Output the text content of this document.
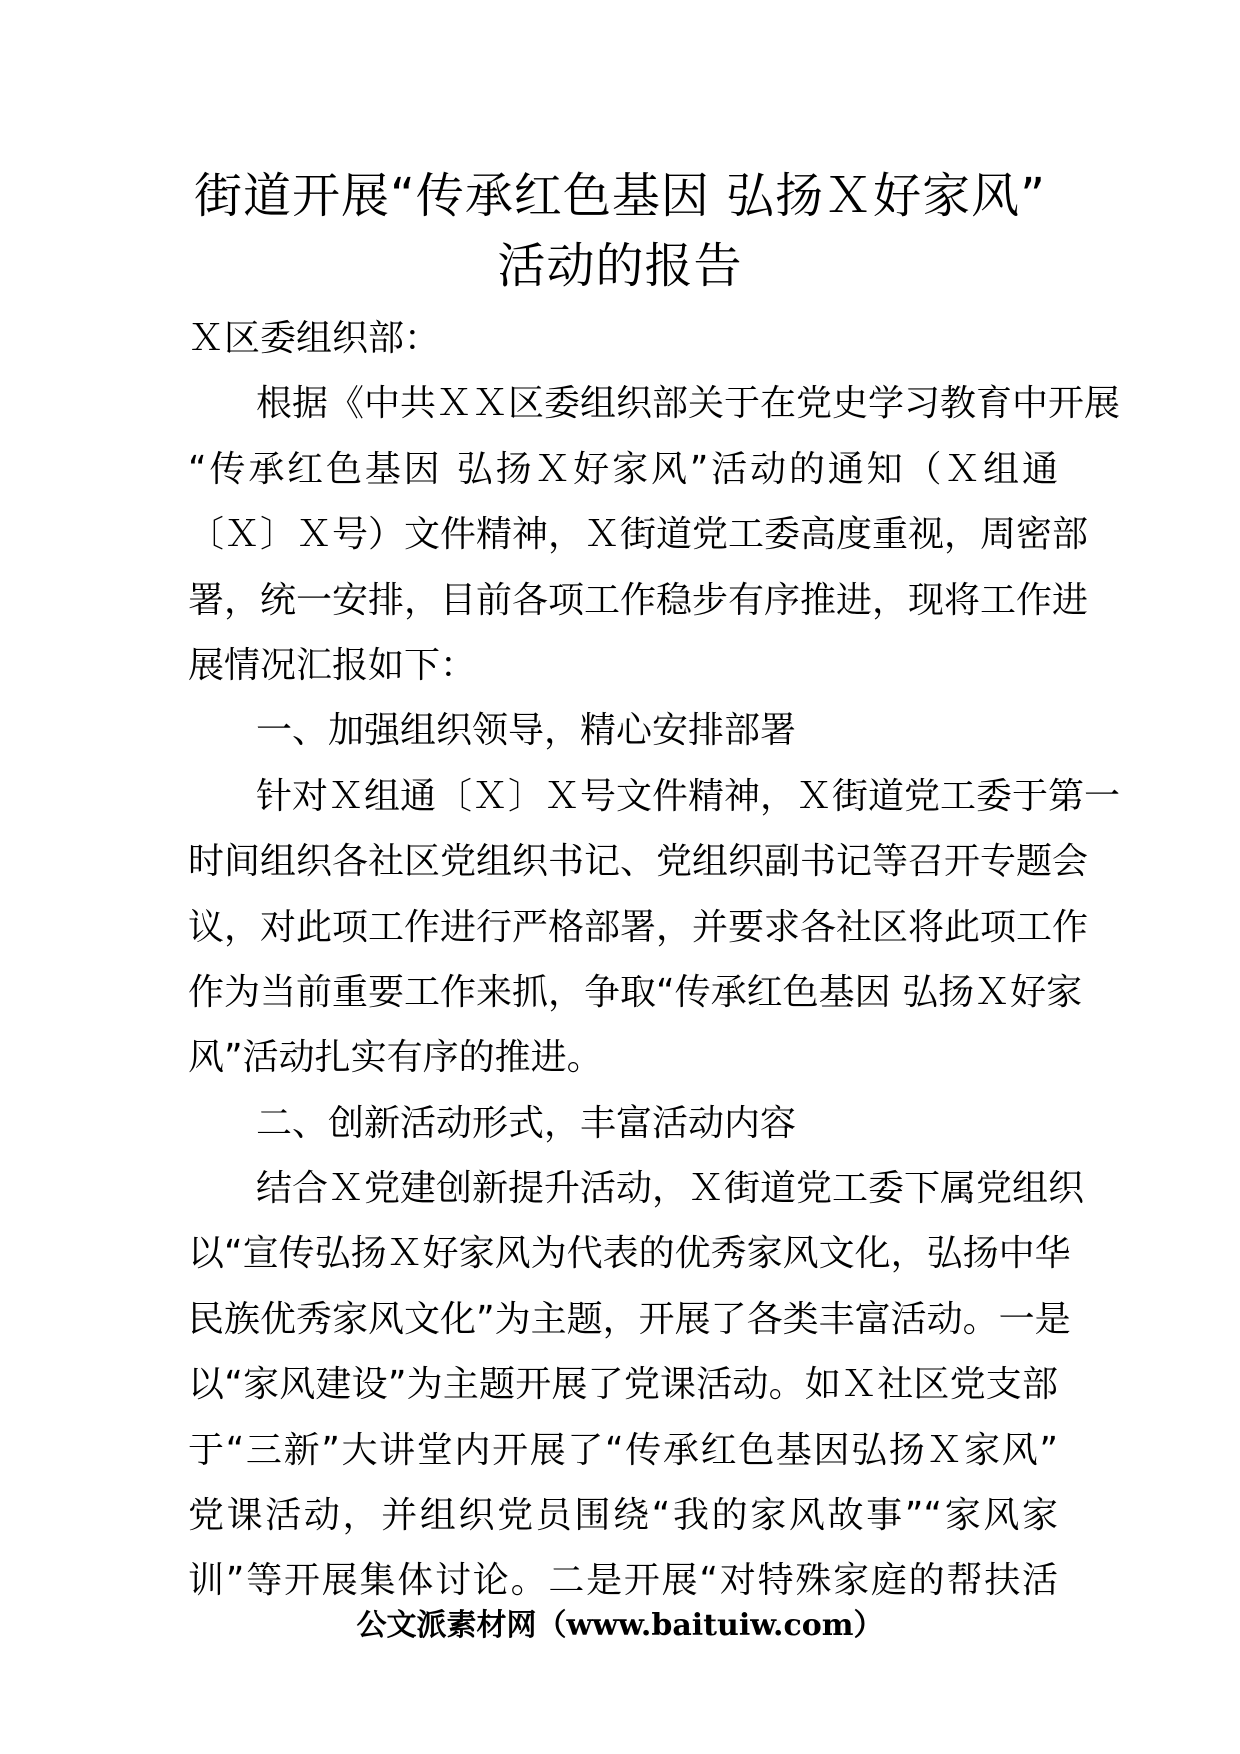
街道开展“传承红色基因 弘扬Ｘ好家风”
活动的报告
Ｘ区委组织部：
根据《中共ＸＸ区委组织部关于在党史学习教育中开展
“传承红色基因 弘扬Ｘ好家风”活动的通知（Ｘ组通
〔Ｘ〕Ｘ号）文件精神，Ｘ街道党工委高度重视，周密部
署，统一安排，目前各项工作稳步有序推进，现将工作进
展情况汇报如下：
一、加强组织领导，精心安排部署
针对Ｘ组通〔Ｘ〕Ｘ号文件精神，Ｘ街道党工委于第一
时间组织各社区党组织书记、党组织副书记等召开专题会
议，对此项工作进行严格部署，并要求各社区将此项工作
作为当前重要工作来抓，争取“传承红色基因 弘扬Ｘ好家
风”活动扎实有序的推进。
二、创新活动形式，丰富活动内容
结合Ｘ党建创新提升活动，Ｘ街道党工委下属党组织
以“宣传弘扬Ｘ好家风为代表的优秀家风文化，弘扬中华
民族优秀家风文化”为主题，开展了各类丰富活动。一是
以“家风建设”为主题开展了党课活动。如Ｘ社区党支部
于“三新”大讲堂内开展了“传承红色基因弘扬Ｘ家风”
党课活动，并组织党员围绕“我的家风故事”“家风家
训”等开展集体讨论。二是开展“对特殊家庭的帮扶活
公文派素材网（www.baituiw.com）
